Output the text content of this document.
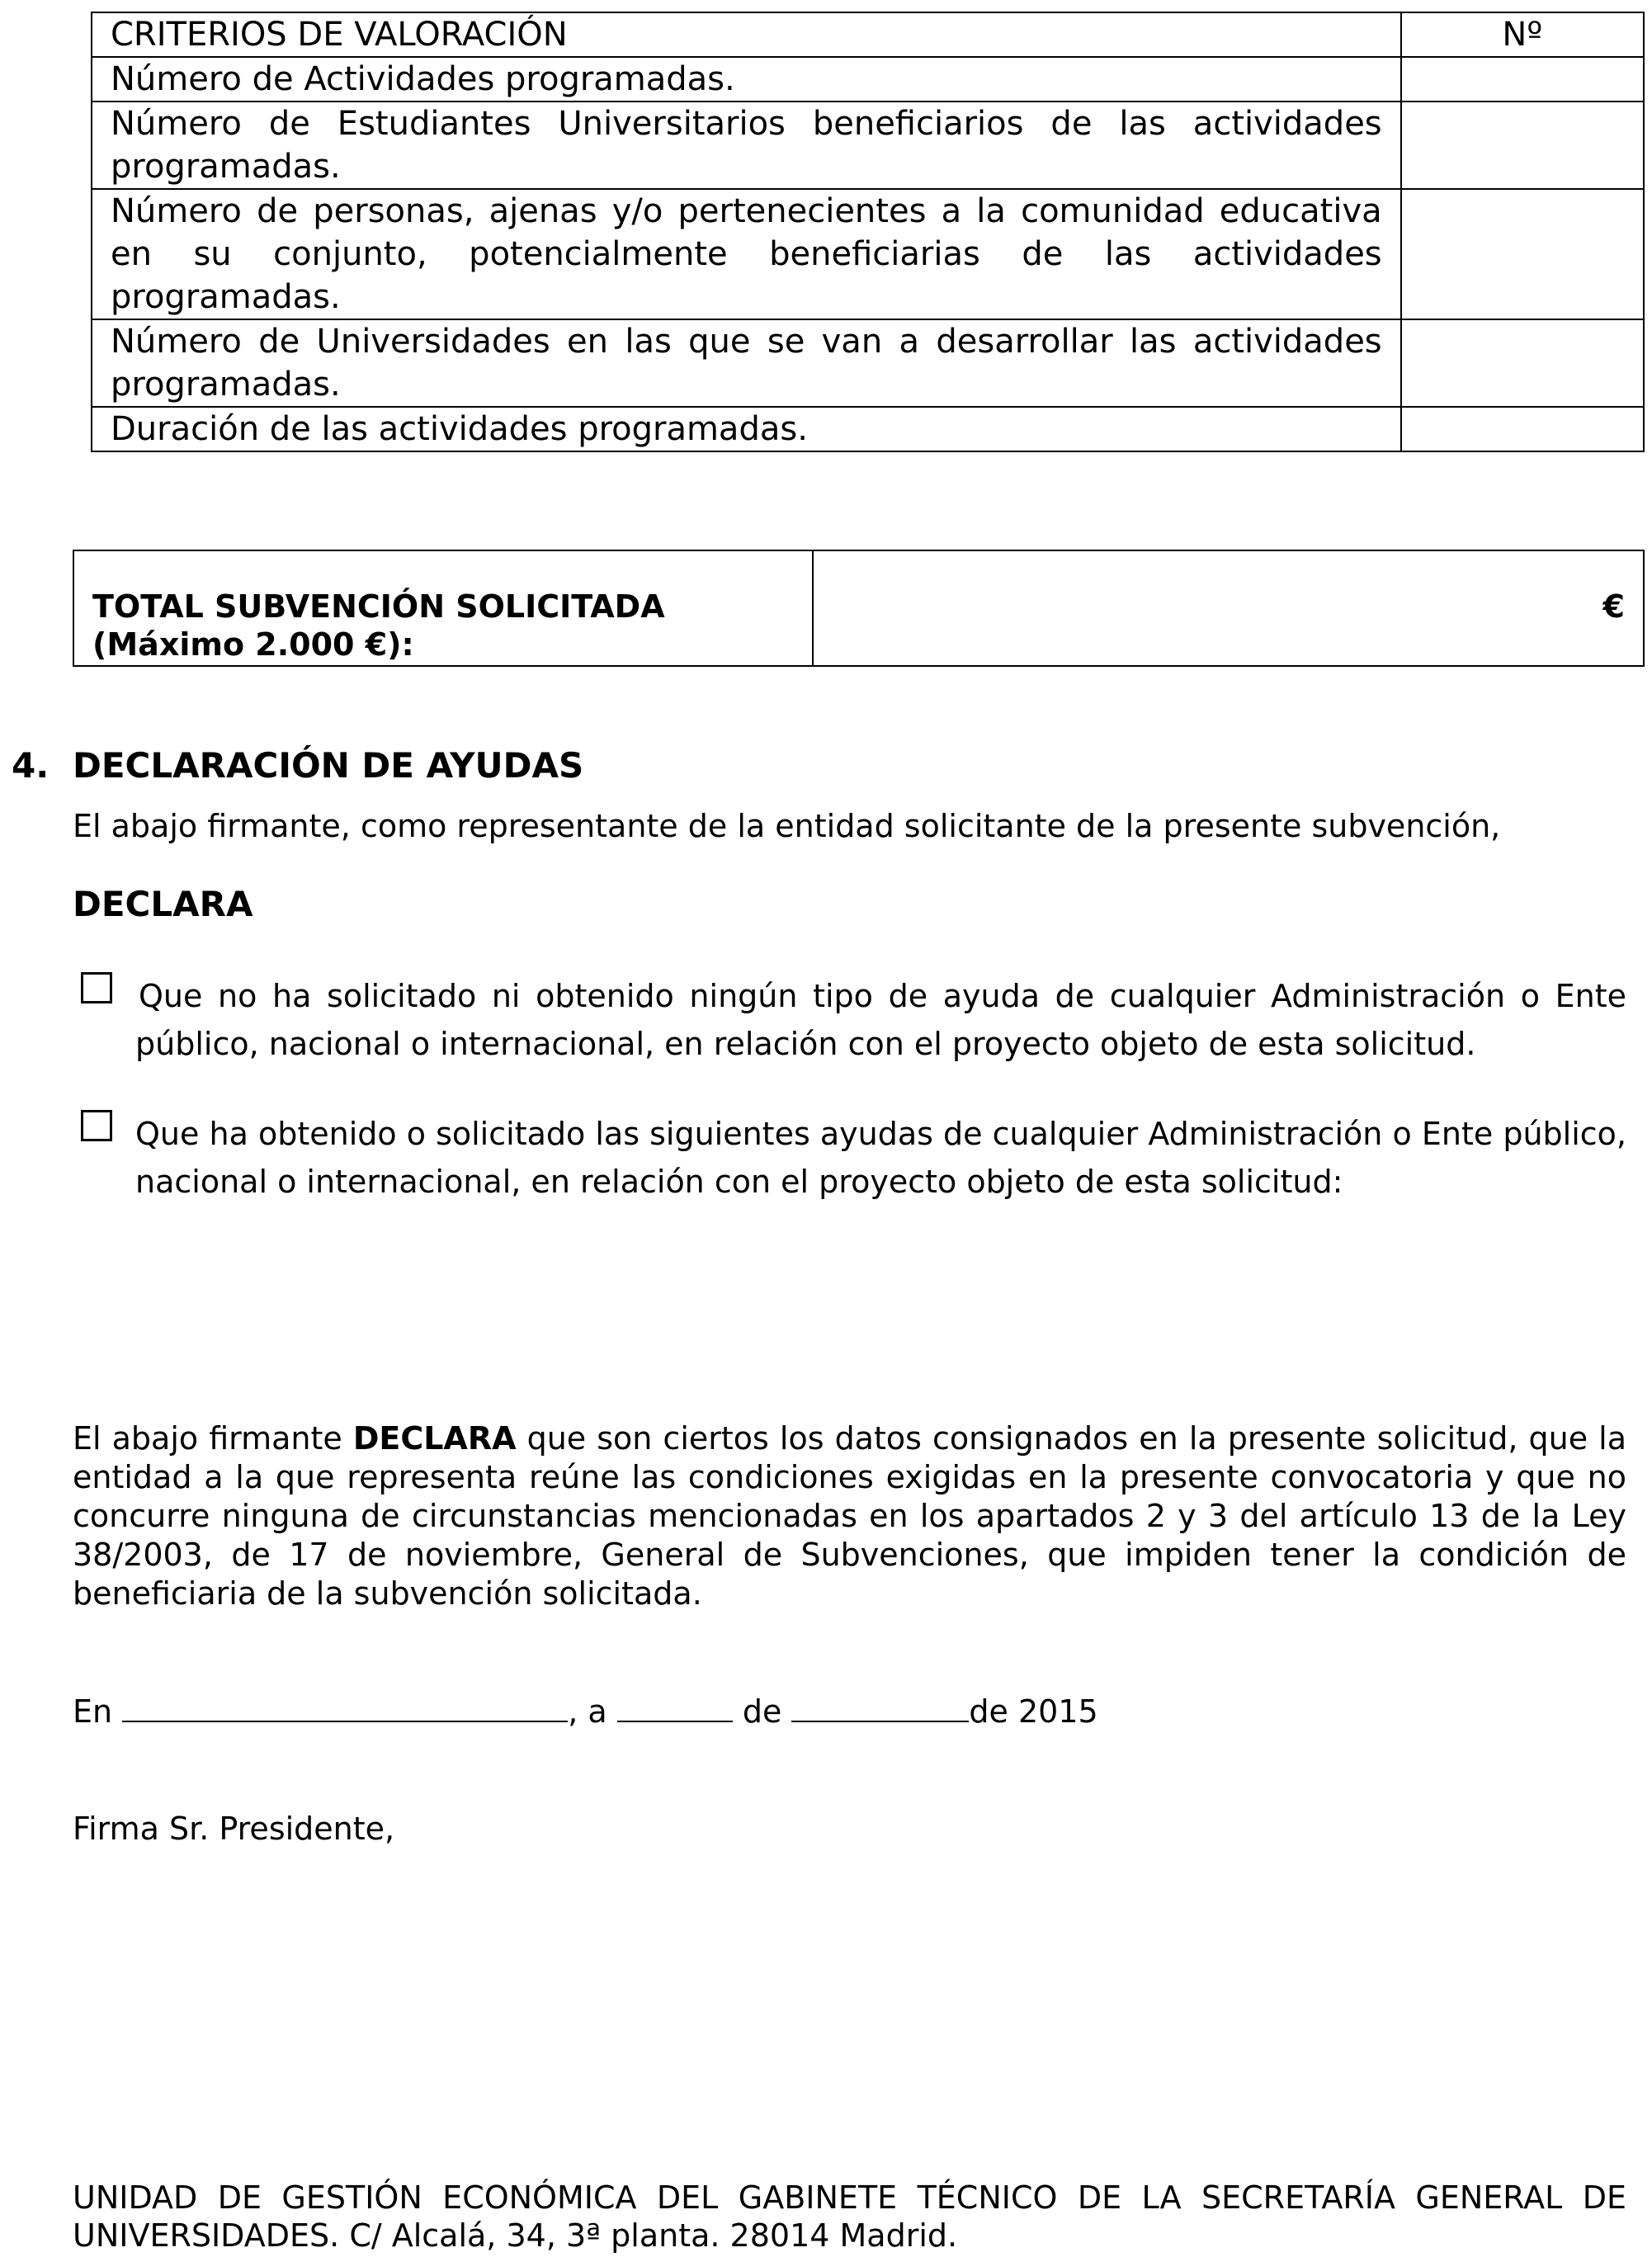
CRITERIOS DE VALORACIÓN	Nº
Número de Actividades programadas.	
Número de Estudiantes Universitarios beneficiarios de las actividades programadas.	
Número de personas, ajenas y/o pertenecientes a la comunidad educativa en su conjunto, potencialmente beneficiarias de las actividades programadas.	
Número de Universidades en las que se van a desarrollar las actividades programadas.	
Duración de las actividades programadas.	
TOTAL SUBVENCIÓN SOLICITADA
(Máximo 2.000 €):
	€
4. DECLARACIÓN DE AYUDAS
El abajo firmante, como representante de la entidad solicitante de la presente subvención,
DECLARA
Que no ha solicitado ni obtenido ningún tipo de ayuda de cualquier Administración o Ente
público, nacional o internacional, en relación con el proyecto objeto de esta solicitud.
Que ha obtenido o solicitado las siguientes ayudas de cualquier Administración o Ente público,
nacional o internacional, en relación con el proyecto objeto de esta solicitud:
El abajo firmante DECLARA que son ciertos los datos consignados en la presente solicitud, que la entidad a la que representa reúne las condiciones exigidas en la presente convocatoria y que no concurre ninguna de circunstancias mencionadas en los apartados 2 y 3 del artículo 13 de la Ley 38/2003, de 17 de noviembre, General de Subvenciones, que impiden tener la condición de beneficiaria de la subvención solicitada.
En	, a	de	de 2015
Firma Sr. Presidente,
UNIDAD DE GESTIÓN ECONÓMICA DEL GABINETE TÉCNICO DE LA SECRETARÍA GENERAL DE UNIVERSIDADES. C/ Alcalá, 34, 3ª planta. 28014 Madrid.
